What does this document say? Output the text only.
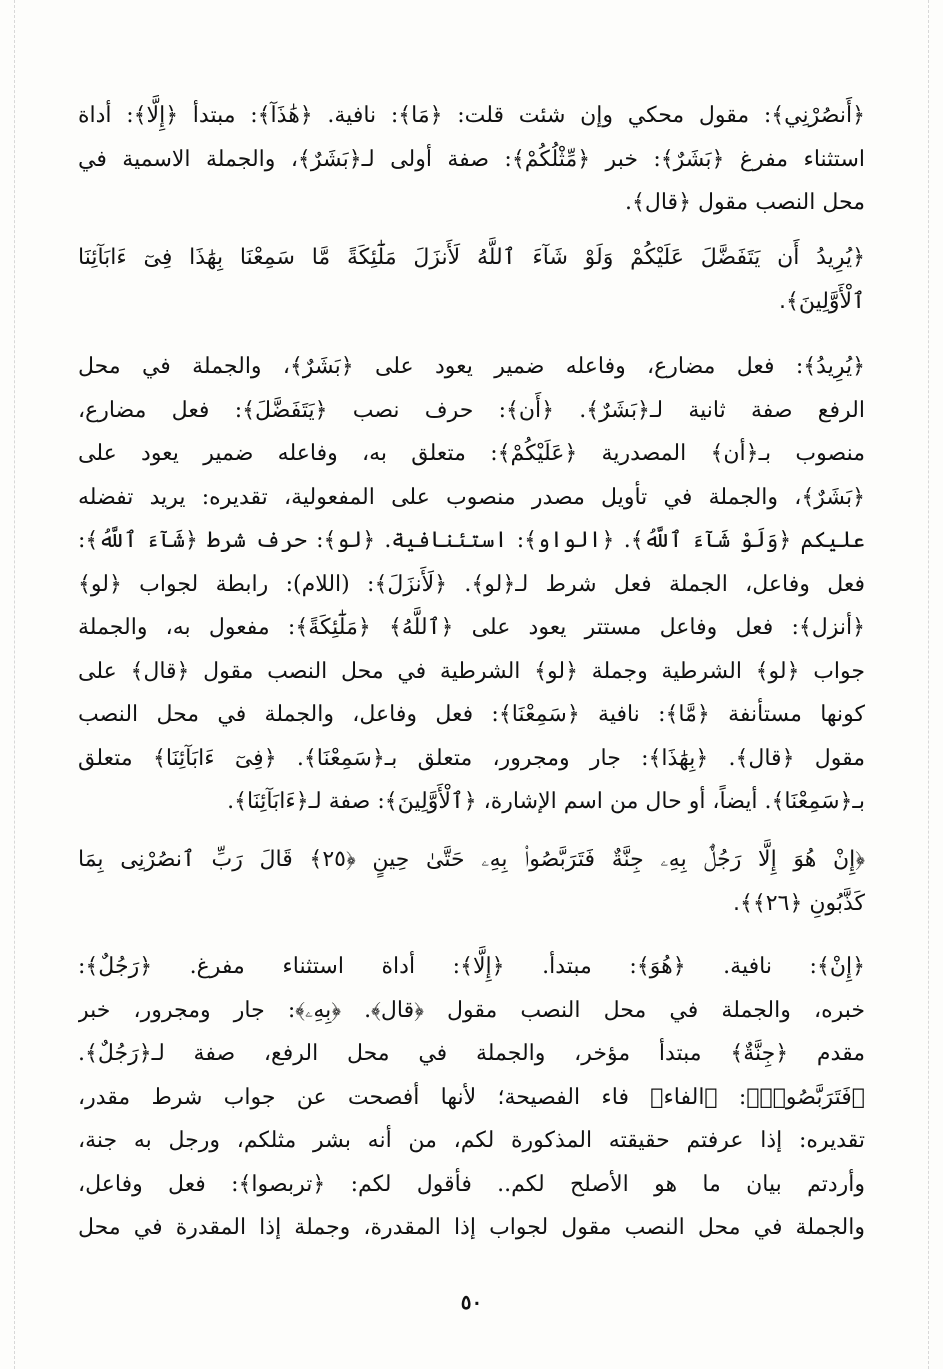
﴿أَنصُرْنِي﴾: مقول محكي وإن شئت قلت: ﴿مَا﴾: نافية. ﴿هَٰذَآ﴾: مبتدأ ﴿إِلَّا﴾: أداة
استثناء مفرغ ﴿بَشَرٌ﴾: خبر ﴿مِّثْلُكُمْ﴾: صفة أولى لـ﴿بَشَرٌ﴾، والجملة الاسمية في
محل النصب مقول ﴿قال﴾.
﴿يُرِيدُ أَن يَتَفَضَّلَ عَلَيْكُمْ وَلَوْ شَآءَ ٱللَّهُ لَأَنزَلَ مَلَٰٓئِكَةً مَّا سَمِعْنَا بِهَٰذَا فِىٓ ءَابَآئِنَا
ٱلْأَوَّلِينَ﴾.
﴿يُرِيدُ﴾: فعل مضارع، وفاعله ضمير يعود على ﴿بَشَرٌ﴾، والجملة في محل
الرفع صفة ثانية لـ﴿بَشَرٌ﴾. ﴿أَن﴾: حرف نصب ﴿يَتَفَضَّلَ﴾: فعل مضارع،
منصوب بـ﴿أن﴾ المصدرية ﴿عَلَيْكُمْ﴾: متعلق به، وفاعله ضمير يعود على
﴿بَشَرٌ﴾، والجملة في تأويل مصدر منصوب على المفعولية، تقديره: يريد تفضله
عليكم ﴿وَلَوْ شَآءَ ٱللَّهُ﴾. ﴿الواو﴾: استئنافية. ﴿لو﴾: حرف شرط ﴿شَآءَ ٱللَّهُ﴾:
فعل وفاعل، الجملة فعل شرط لـ﴿لو﴾. ﴿لَأَنزَلَ﴾: (اللام): رابطة لجواب ﴿لو﴾
﴿أنزل﴾: فعل وفاعل مستتر يعود على ﴿ٱللَّهُ﴾ ﴿مَلَٰٓئِكَةً﴾: مفعول به، والجملة
جواب ﴿لو﴾ الشرطية وجملة ﴿لو﴾ الشرطية في محل النصب مقول ﴿قال﴾ على
كونها مستأنفة ﴿مَّا﴾: نافية ﴿سَمِعْنَا﴾: فعل وفاعل، والجملة في محل النصب
مقول ﴿قال﴾. ﴿بِهَٰذَا﴾: جار ومجرور، متعلق بـ﴿سَمِعْنَا﴾. ﴿فِىٓ ءَابَآئِنَا﴾ متعلق
بـ﴿سَمِعْنَا﴾. أيضاً، أو حال من اسم الإشارة، ﴿ٱلْأَوَّلِينَ﴾: صفة لـ﴿ءَابَآئِنَا﴾.
﴿إِنْ هُوَ إِلَّا رَجُلٌۢ بِهِۦ جِنَّةٌ فَتَرَبَّصُوا۟ بِهِۦ حَتَّىٰ حِينٍ ﴿٢٥﴾ قَالَ رَبِّ ٱنصُرْنِى بِمَا
كَذَّبُونِ ﴿٢٦﴾﴾.
﴿إِنْ﴾: نافية. ﴿هُوَ﴾: مبتدأ. ﴿إِلَّا﴾: أداة استثناء مفرغ. ﴿رَجُلٌ﴾:
خبره، والجملة في محل النصب مقول ﴿قال﴾. ﴿بِهِۦ﴾: جار ومجرور، خبر
مقدم ﴿جِنَّةٌ﴾ مبتدأ مؤخر، والجملة في محل الرفع، صفة لـ﴿رَجُلٌ﴾.
﴿فَتَرَبَّصُوا۟﴾: ﴿الفاء﴾ فاء الفصيحة؛ لأنها أفصحت عن جواب شرط مقدر،
تقديره: إذا عرفتم حقيقته المذكورة لكم، من أنه بشر مثلكم، ورجل به جنة،
وأردتم بيان ما هو الأصلح لكم.. فأقول لكم: ﴿تربصوا﴾: فعل وفاعل،
والجملة في محل النصب مقول لجواب إذا المقدرة، وجملة إذا المقدرة في محل
٥٠
